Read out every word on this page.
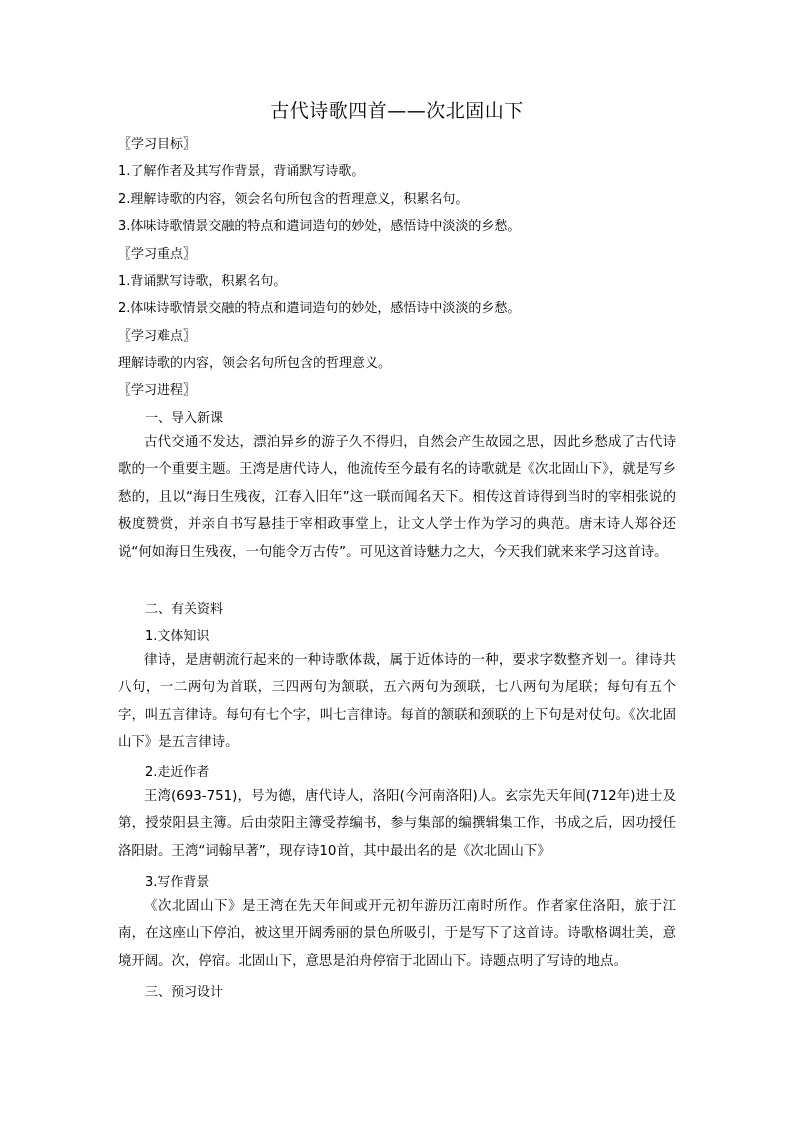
古代诗歌四首——次北固山下
〖学习目标〗
1.了解作者及其写作背景，背诵默写诗歌。
2.理解诗歌的内容，领会名句所包含的哲理意义，积累名句。
3.体味诗歌情景交融的特点和遣词造句的妙处，感悟诗中淡淡的乡愁。
〖学习重点〗
1.背诵默写诗歌，积累名句。
2.体味诗歌情景交融的特点和遣词造句的妙处，感悟诗中淡淡的乡愁。
〖学习难点〗
理解诗歌的内容，领会名句所包含的哲理意义。
〖学习进程〗
一、导入新课

古代交通不发达，漂泊异乡的游子久不得归，自然会产生故园之思，因此乡愁成了古代诗歌的一个重要主题。王湾是唐代诗人，他流传至今最有名的诗歌就是《次北固山下》，就是写乡愁的，且以“海日生残夜，江春入旧年”这一联而闻名天下。相传这首诗得到当时的宰相张说的极度赞赏，并亲自书写悬挂于宰相政事堂上，让文人学士作为学习的典范。唐末诗人郑谷还说“何如海日生残夜，一句能令万古传”。可见这首诗魅力之大，今天我们就来来学习这首诗。

二、有关资料
1.文体知识

律诗，是唐朝流行起来的一种诗歌体裁，属于近体诗的一种，要求字数整齐划一。律诗共八句，一二两句为首联，三四两句为颔联，五六两句为颈联，七八两句为尾联；每句有五个字，叫五言律诗。每句有七个字，叫七言律诗。每首的颔联和颈联的上下句是对仗句。《次北固山下》是五言律诗。

2.走近作者

王湾(693-751)，号为德，唐代诗人，洛阳(今河南洛阳)人。玄宗先天年间(712年)进士及第，授荥阳县主簿。后由荥阳主簿受荐编书，参与集部的编撰辑集工作，书成之后，因功授任洛阳尉。王湾“词翰早著”，现存诗10首，其中最出名的是《次北固山下》

3.写作背景

《次北固山下》是王湾在先天年间或开元初年游历江南时所作。作者家住洛阳，旅于江南，在这座山下停泊，被这里开阔秀丽的景色所吸引，于是写下了这首诗。诗歌格调壮美，意境开阔。次，停宿。北固山下，意思是泊舟停宿于北固山下。诗题点明了写诗的地点。

三、预习设计
